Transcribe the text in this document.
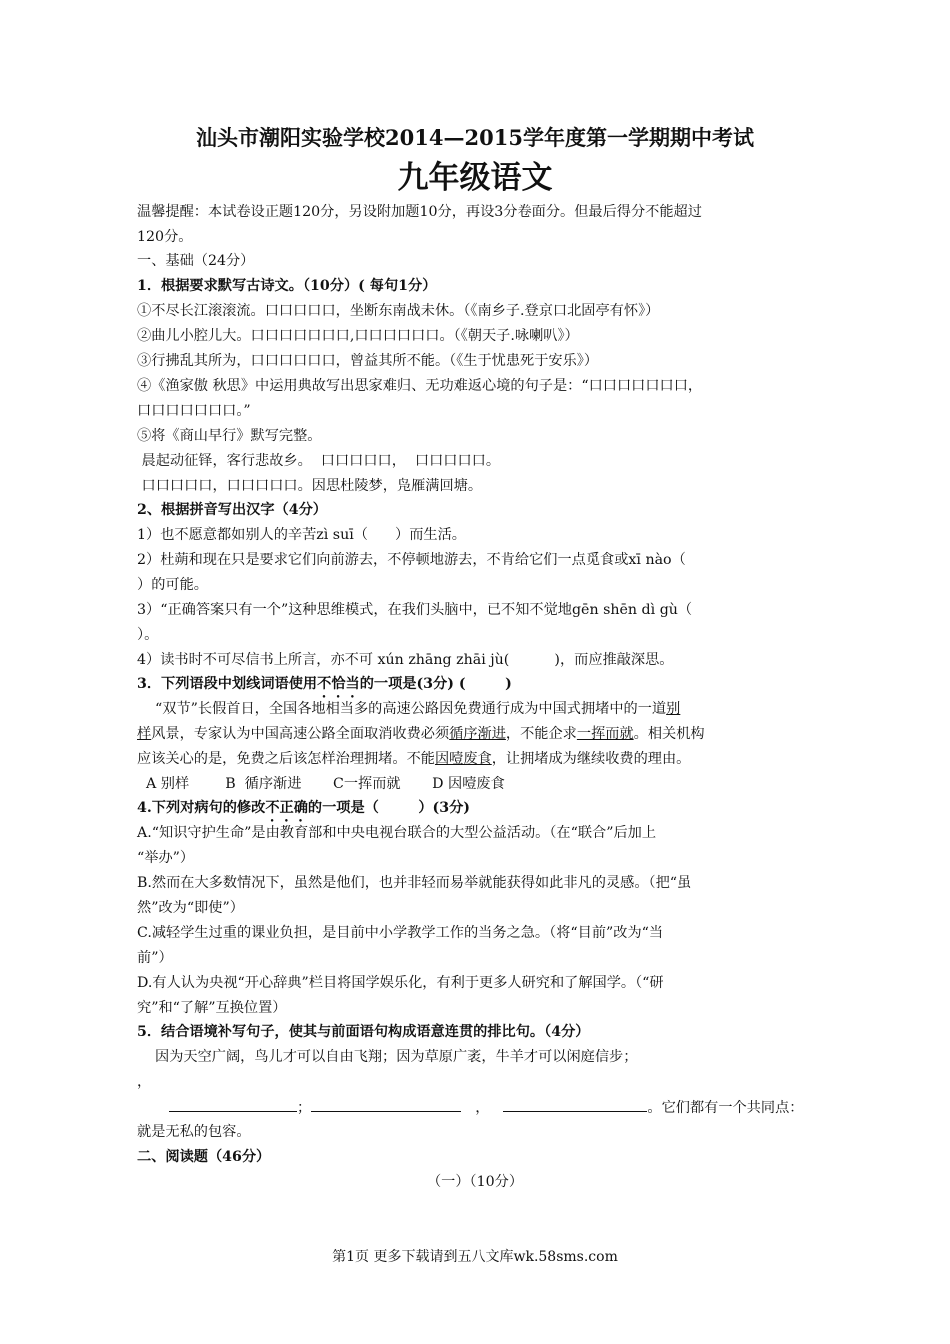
汕头市潮阳实验学校2014—2015学年度第一学期期中考试
九年级语文
温馨提醒：本试卷设正题120分，另设附加题10分，再设3分卷面分。但最后得分不能超过
120分。
一、基础（24分）
1．根据要求默写古诗文。（10分）( 每句1分）
①不尽长江滚滚流。口口口口口，坐断东南战未休。（《南乡子.登京口北固亭有怀》）
②曲儿小腔儿大。口口口口口口口,口口口口口口。（《朝天子.咏喇叭》）
③行拂乱其所为，口口口口口口，曾益其所不能。（《生于忧患死于安乐》）
④《渔家傲 秋思》中运用典故写出思家难归、无功难返心境的句子是：“口口口口口口口，
口口口口口口口。”
⑤将《商山早行》默写完整。
晨起动征铎，客行悲故乡。  口口口口口，  口口口口口。
口口口口口，口口口口口。因思杜陵梦，凫雁满回塘。
2、根据拼音写出汉字（4分）
1）也不愿意都如别人的辛苦zì suī（      ）而生活。
2）杜蒴和现在只是要求它们向前游去，不停顿地游去，不肯给它们一点觅食或xī nào（
）的可能。
3）“正确答案只有一个”这种思维模式，在我们头脑中，已不知不觉地gēn shēn dì gù（
）。
4）读书时不可尽信书上所言，亦不可 xún zhāng zhāi jù(          )，而应推敲深思。
3．下列语段中划线词语使用不恰当的一项是(3分) (        )
“双节”长假首日，全国各地相当多的高速公路因免费通行成为中国式拥堵中的一道别
样风景，专家认为中国高速公路全面取消收费必须循序渐进，不能企求一挥而就。相关机构
应该关心的是，免费之后该怎样治理拥堵。不能因噎废食，让拥堵成为继续收费的理由。
A 别样        B  循序渐进       C一挥而就       D 因噎废食
4.下列对病句的修改不正确的一项是（        ）(3分)
A.“知识守护生命”是由教育部和中央电视台联合的大型公益活动。（在“联合”后加上
“举办”）
B.然而在大多数情况下，虽然是他们，也并非轻而易举就能获得如此非凡的灵感。（把“虽
然”改为“即使”）
C.减轻学生过重的课业负担，是目前中小学教学工作的当务之急。（将“目前”改为“当
前”）
D.有人认为央视“开心辞典”栏目将国学娱乐化，有利于更多人研究和了解国学。（“研
究”和“了解”互换位置）
5．结合语境补写句子，使其与前面语句构成语意连贯的排比句。（4分）
因为天空广阔，鸟儿才可以自由飞翔；因为草原广袤，牛羊才可以闲庭信步；
，
；	，	。它们都有一个共同点：
就是无私的包容。
二、阅读题（46分）
（一）（10分）
第1页 更多下载请到五八文库wk.58sms.com
